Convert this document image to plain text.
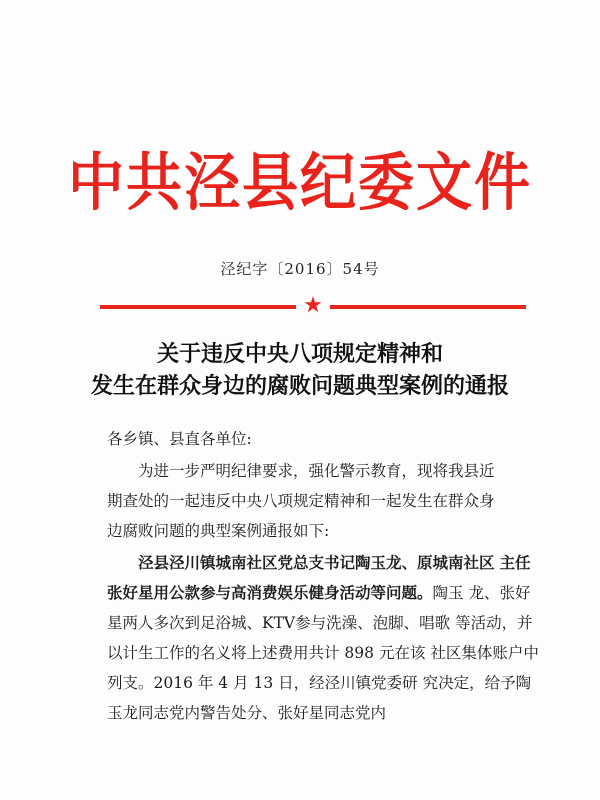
中共泾县纪委文件
泾纪字〔2016〕54号
★
关于违反中央八项规定精神和
发生在群众身边的腐败问题典型案例的通报
各乡镇、县直各单位:
为进一步严明纪律要求，强化警示教育，现将我县近
期查处的一起违反中央八项规定精神和一起发生在群众身
边腐败问题的典型案例通报如下:
泾县泾川镇城南社区党总支书记陶玉龙、原城南社区 主任张好星用公款参与高消费娱乐健身活动等问题。陶玉 龙、张好星两人多次到足浴城、KTV参与洗澡、泡脚、唱歌 等活动，并以计生工作的名义将上述费用共计 898 元在该 社区集体账户中列支。2016 年 4 月 13 日，经泾川镇党委研 究决定，给予陶玉龙同志党内警告处分、张好星同志党内
